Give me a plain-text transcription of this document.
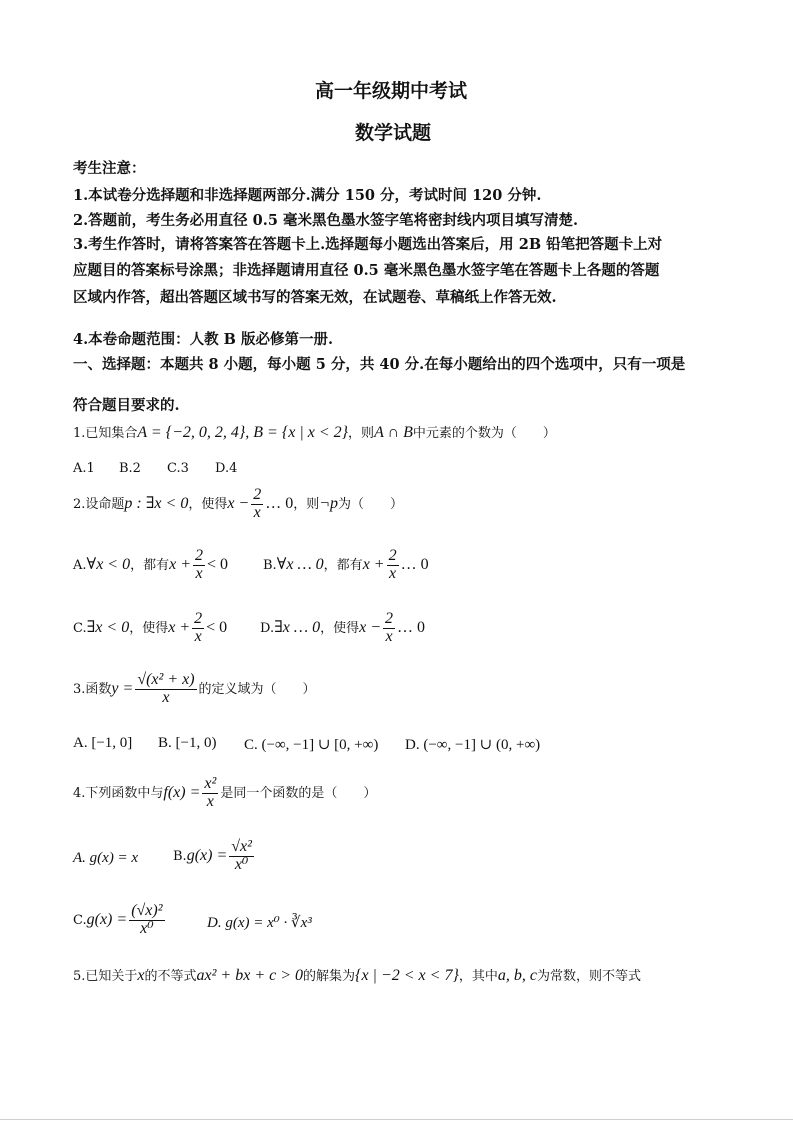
高一年级期中考试
数学试题
考生注意：
1.本试卷分选择题和非选择题两部分.满分 150 分，考试时间 120 分钟.
2.答题前，考生务必用直径 0.5 毫米黑色墨水签字笔将密封线内项目填写清楚.
3.考生作答时，请将答案答在答题卡上.选择题每小题选出答案后，用 2B 铅笔把答题卡上对
应题目的答案标号涂黑；非选择题请用直径 0.5 毫米黑色墨水签字笔在答题卡上各题的答题
区域内作答，超出答题区域书写的答案无效，在试题卷、草稿纸上作答无效.
4.本卷命题范围：人教 B 版必修第一册.
一、选择题：本题共 8 小题，每小题 5 分，共 40 分.在每小题给出的四个选项中，只有一项是
符合题目要求的.
1.已知集合A = {−2, 0, 2, 4}, B = {x | x < 2}，则A ∩ B中元素的个数为（　　）
A.1 B.2 C.3 D.4
2.设命题p : ∃x < 0，使得$x - \frac{2}{x}$ … 0，则¬p为（　　）
A.∀x < 0，都有$x + \frac{2}{x} < 0$	B.∀x … 0，都有$x + \frac{2}{x}$ … 0
C.∃x < 0，使得$x + \frac{2}{x} < 0$	D.∃x … 0，使得$x - \frac{2}{x}$ … 0
3.函数$y = \frac{\text{√(x² + x)}}{x}$ 的定义域为（　　）
A. [−1, 0] B. [−1, 0) C. (−∞, −1] ∪ [0, +∞) D. (−∞, −1] ∪ (0, +∞)
4.下列函数中与$f(x) = \frac{\text{x²}}{x}$ 是同一个函数的是（　　）
A. g(x) = x	$B.g(x) = \frac{\text{√x²}}{\text{x⁰}}$
$C.g(x) = \frac{\text{(√x)²}}{\text{x⁰}}$	D. g(x) = x⁰ · ∛x³
5.已知关于x的不等式ax² + bx + c > 0的解集为{x | −2 < x < 7}，其中a, b, c为常数，则不等式
